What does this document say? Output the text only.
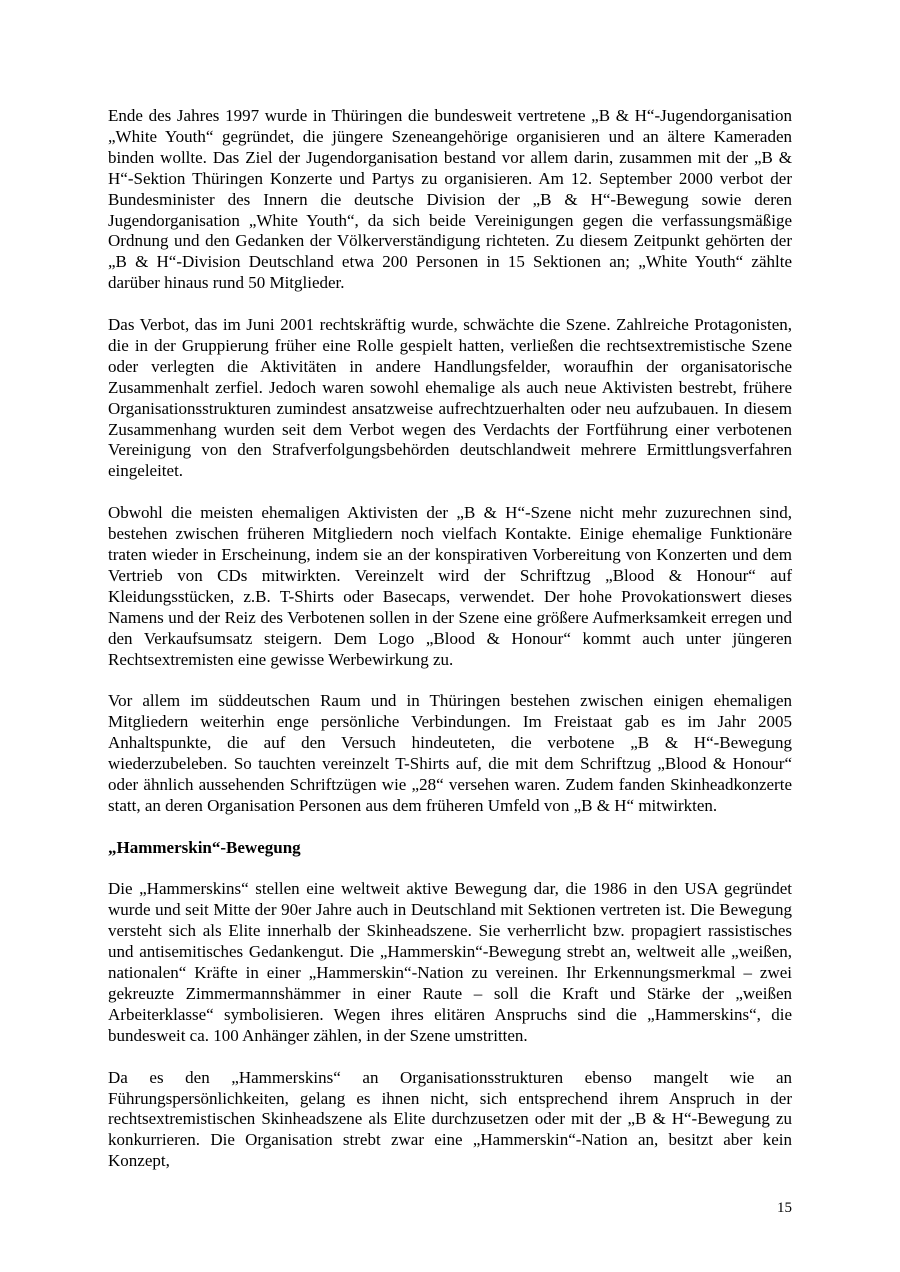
Ende des Jahres 1997 wurde in Thüringen die bundesweit vertretene „B & H“-Jugendorganisation „White Youth“ gegründet, die jüngere Szeneangehörige organisieren und an ältere Kameraden binden wollte. Das Ziel der Jugendorganisation bestand vor allem darin, zusammen mit der „B & H“-Sektion Thüringen Konzerte und Partys zu organisieren. Am 12. September 2000 verbot der Bundesminister des Innern die deutsche Division der „B & H“-Bewegung sowie deren Jugendorganisation „White Youth“, da sich beide Vereinigungen gegen die verfassungsmäßige Ordnung und den Gedanken der Völkerverständigung richteten. Zu diesem Zeitpunkt gehörten der „B & H“-Division Deutschland etwa 200 Personen in 15 Sektionen an; „White Youth“ zählte darüber hinaus rund 50 Mitglieder.

Das Verbot, das im Juni 2001 rechtskräftig wurde, schwächte die Szene. Zahlreiche Protagonisten, die in der Gruppierung früher eine Rolle gespielt hatten, verließen die rechtsextremistische Szene oder verlegten die Aktivitäten in andere Handlungsfelder, woraufhin der organisatorische Zusammenhalt zerfiel. Jedoch waren sowohl ehemalige als auch neue Aktivisten bestrebt, frühere Organisationsstrukturen zumindest ansatzweise aufrechtzuerhalten oder neu aufzubauen. In diesem Zusammenhang wurden seit dem Verbot wegen des Verdachts der Fortführung einer verbotenen Vereinigung von den Strafverfolgungsbehörden deutschlandweit mehrere Ermittlungsverfahren eingeleitet.

Obwohl die meisten ehemaligen Aktivisten der „B & H“-Szene nicht mehr zuzurechnen sind, bestehen zwischen früheren Mitgliedern noch vielfach Kontakte. Einige ehemalige Funktionäre traten wieder in Erscheinung, indem sie an der konspirativen Vorbereitung von Konzerten und dem Vertrieb von CDs mitwirkten. Vereinzelt wird der Schriftzug „Blood & Honour“ auf Kleidungsstücken, z.B. T-Shirts oder Basecaps, verwendet. Der hohe Provokationswert dieses Namens und der Reiz des Verbotenen sollen in der Szene eine größere Aufmerksamkeit erregen und den Verkaufsumsatz steigern. Dem Logo „Blood & Honour“ kommt auch unter jüngeren Rechtsextremisten eine gewisse Werbewirkung zu.

Vor allem im süddeutschen Raum und in Thüringen bestehen zwischen einigen ehemaligen Mitgliedern weiterhin enge persönliche Verbindungen. Im Freistaat gab es im Jahr 2005 Anhaltspunkte, die auf den Versuch hindeuteten, die verbotene „B & H“-Bewegung wiederzubeleben. So tauchten vereinzelt T-Shirts auf, die mit dem Schriftzug „Blood & Honour“ oder ähnlich aussehenden Schriftzügen wie „28“ versehen waren. Zudem fanden Skinheadkonzerte statt, an deren Organisation Personen aus dem früheren Umfeld von „B & H“ mitwirkten.

„Hammerskin“-Bewegung

Die „Hammerskins“ stellen eine weltweit aktive Bewegung dar, die 1986 in den USA gegründet wurde und seit Mitte der 90er Jahre auch in Deutschland mit Sektionen vertreten ist. Die Bewegung versteht sich als Elite innerhalb der Skinheadszene. Sie verherrlicht bzw. propagiert rassistisches und antisemitisches Gedankengut. Die „Hammerskin“-Bewegung strebt an, weltweit alle „weißen, nationalen“ Kräfte in einer „Hammerskin“-Nation zu vereinen. Ihr Erkennungsmerkmal – zwei gekreuzte Zimmermannshämmer in einer Raute – soll die Kraft und Stärke der „weißen Arbeiterklasse“ symbolisieren. Wegen ihres elitären Anspruchs sind die „Hammerskins“, die bundesweit ca. 100 Anhänger zählen, in der Szene umstritten.

Da es den „Hammerskins“ an Organisationsstrukturen ebenso mangelt wie an Führungspersönlichkeiten, gelang es ihnen nicht, sich entsprechend ihrem Anspruch in der rechtsextremistischen Skinheadszene als Elite durchzusetzen oder mit der „B & H“-Bewegung zu konkurrieren. Die Organisation strebt zwar eine „Hammerskin“-Nation an, besitzt aber kein Konzept,

15
